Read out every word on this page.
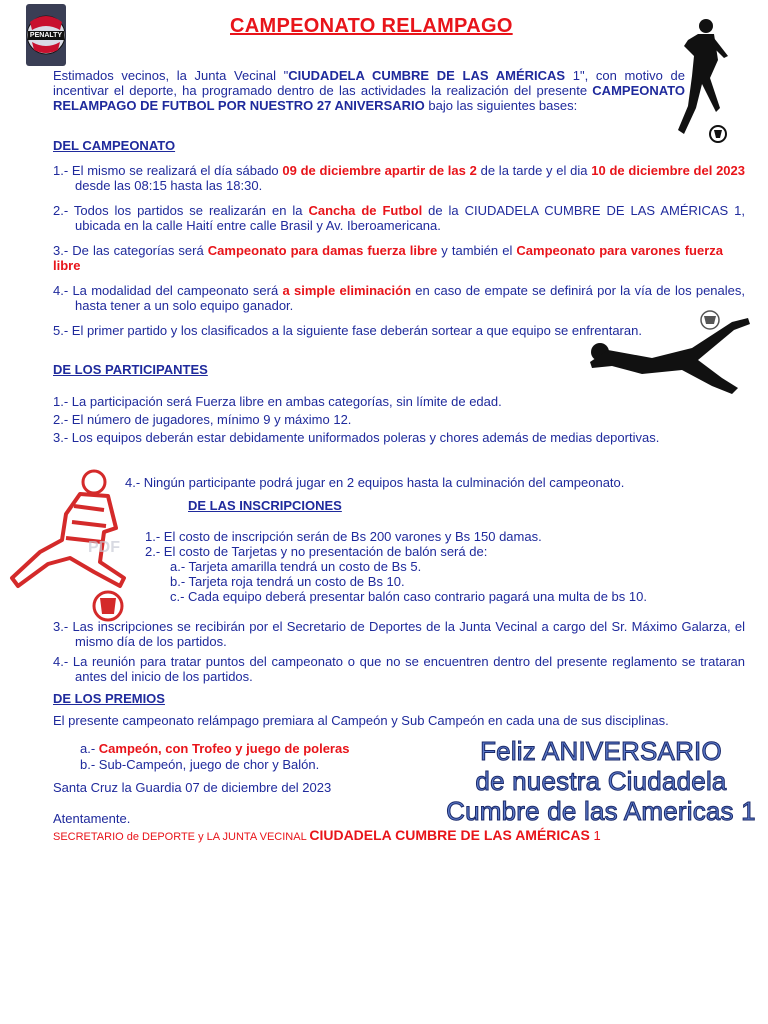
PENALTY	CAMPEONATO RELAMPAGO
Estimados vecinos, la Junta Vecinal "CIUDADELA CUMBRE DE LAS AMÉRICAS 1", con motivo de incentivar el deporte, ha programado dentro de las actividades la realización del presente CAMPEONATO RELAMPAGO DE FUTBOL POR NUESTRO 27 ANIVERSARIO bajo las siguientes bases:
DEL CAMPEONATO
1.- El mismo se realizará el día sábado 09 de diciembre apartir de las 2 de la tarde y el dia 10 de diciembre del 2023 desde las 08:15 hasta las 18:30.
2.- Todos los partidos se realizarán en la Cancha de Futbol de la CIUDADELA CUMBRE DE LAS AMÉRICAS 1, ubicada en la calle Haití entre calle Brasil y Av. Iberoamericana.
3.- De las categorías será Campeonato para damas fuerza libre y también el Campeonato para varones fuerza libre
4.- La modalidad del campeonato será a simple eliminación en caso de empate se definirá por la vía de los penales, hasta tener a un solo equipo ganador.
5.- El primer partido y los clasificados a la siguiente fase deberán sortear a que equipo se enfrentaran.
DE LOS PARTICIPANTES
1.- La participación será Fuerza libre en ambas categorías, sin límite de edad.
2.- El número de jugadores, mínimo 9 y máximo 12.
3.- Los equipos deberán estar debidamente uniformados poleras y chores además de medias deportivas.
4.- Ningún participante podrá jugar en 2 equipos hasta la culminación del campeonato.
PDF
DE LAS INSCRIPCIONES
1.- El costo de inscripción serán de Bs 200 varones y Bs 150 damas.
2.- El costo de Tarjetas y no presentación de balón será de:
a.- Tarjeta amarilla tendrá un costo de Bs 5.
b.- Tarjeta roja tendrá un costo de Bs 10.
c.- Cada equipo deberá presentar balón caso contrario pagará una multa de bs 10.
3.- Las inscripciones se recibirán por el Secretario de Deportes de la Junta Vecinal a cargo del Sr. Máximo Galarza, el mismo día de los partidos.
4.- La reunión para tratar puntos del campeonato o que no se encuentren dentro del presente reglamento se trataran antes del inicio de los partidos.
DE LOS PREMIOS
El presente campeonato relámpago premiara al Campeón y Sub Campeón en cada una de sus disciplinas.
a.- Campeón, con Trofeo y juego de poleras
b.- Sub-Campeón, juego de chor y Balón.
Santa Cruz la Guardia 07 de diciembre del 2023
Atentamente.
SECRETARIO de DEPORTE y LA JUNTA VECINAL CIUDADELA CUMBRE DE LAS AMÉRICAS 1
Feliz ANIVERSARIO
de nuestra Ciudadela
Cumbre de las Americas 1
